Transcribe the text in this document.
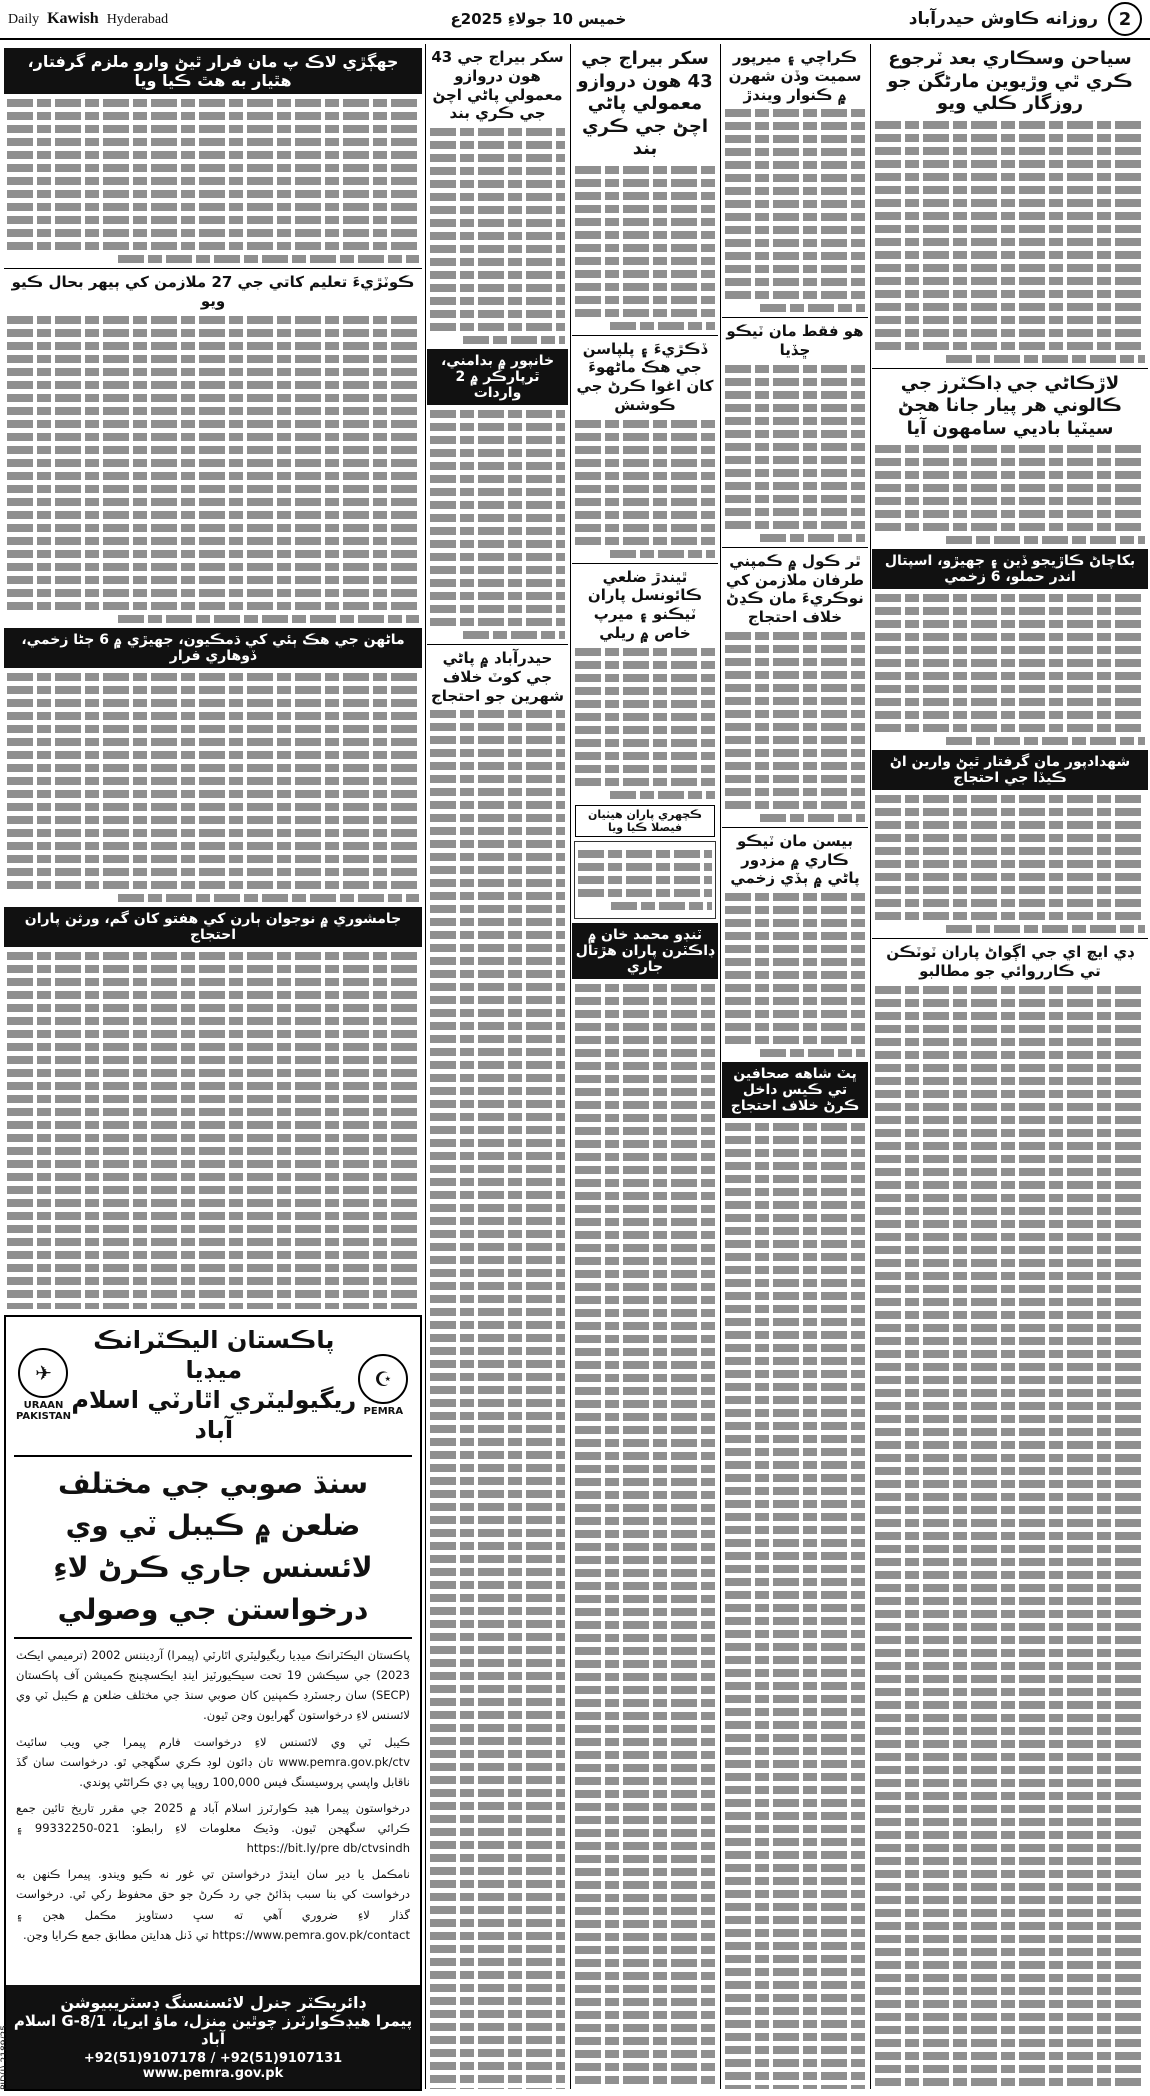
Daily Kawish Hyderabad	خميس 10 جولاءِ 2025ع	2
روزانه ڪاوش حيدرآباد
سياحن وسڪاري بعد ٽرجوع ڪري ٿي وڙيوين مارڻگن جو روزگار ڪلي ويو
لاڙڪاڻي جي ڊاڪٽرز جي ڪالوني هر پيار جانا هجڻ سيٽيا باديي سامهون آيا
بکاچاڻ ڪاڙيجو ڏين ۽ جهيڙو، اسپتال اندر حملو، 6 زخمي
شهدادپور مان گرفتار ٿيڻ وارين اڻ ڪيڏا جي احتجاج
ڊي ايچ اي جي اڳواڻ پاران ٽوٽڪن تي ڪارروائي جو مطالبو
ڪراچي ۽ ميرپور سميت وڏن شهرن ۾ ڪنوار ويندڙ
هو فقط مان ٽيڪو ڇڏيا
ٿر ڪول ۾ ڪمپني طرفان ملازمن کي نوڪريءَ مان ڪڍڻ خلاف احتجاج
بيسن مان ٽيڪو ڪاري ۾ مزدور پاڻي ۾ ٻڏي زخمي
ڀٽ شاهه صحافين تي ڪيس داخل ڪرڻ خلاف احتجاج
سکر بیراج جي 43 هون دروازو معمولي پاڻي اچڻ جي ڪري بند
ڏڪڙيءَ ۽ پلپاسن جي هڪ ماڻهوءَ کان اغوا ڪرڻ جي ڪوشش
ٿيندڙ ضلعي ڪائونسل پاران ٽيڪنو ۽ ميرپ خاص ۾ ريلي
ڪچهري پاران هيٺيان فيصلا ڪيا ويا
ٽنڊو محمد خان ۾ ڊاڪٽرن پاران هڙتال جاري
سکر بیراج جي 43 هون دروازو معمولي پاڻي اچڻ جي ڪري بند
خانپور ۾ بدامني، ٿرپارڪر ۾ 2 واردات
حيدرآباد ۾ پاڻي جي کوٽ خلاف شهرين جو احتجاج
جهڳڙي لاڪ پ مان فرار ٿيڻ وارو ملزم گرفتار، هٿيار به هٿ ڪيا ويا
ڪوٽڙيءَ تعليم کاتي جي 27 ملازمن کي ٻيهر بحال ڪيو ويو
ماڻهن جي هڪ ٻئي کي ڌمڪيون، جهيڙي ۾ 6 ڄڻا زخمي، ڏوهاري فرار
جامشوري ۾ نوجوان ٻارن کي هفتو کان گم، ورثن پاران احتجاج
✈
URAAN PAKISTAN
پاڪستان اليڪٽرانڪ ميڊيا
ريگيوليٽري اٿارٽي اسلام آباد
☪
PEMRA
سنڌ صوبي جي مختلف ضلعن ۾ ڪيبل ٽي وي لائسنس جاري ڪرڻ لاءِ درخواستن جي وصولي
پاڪستان اليڪٽرانڪ ميڊيا ريگيوليٽري اٿارٽي (پيمرا) آرڊيننس 2002 (ترميمي ايڪٽ 2023) جي سيڪشن 19 تحت سيڪيورٽيز اينڊ ايڪسچينج ڪميشن آف پاڪستان (SECP) سان رجسٽرڊ ڪمپنين کان صوبي سنڌ جي مختلف ضلعن ۾ ڪيبل ٽي وي لائسنس لاءِ درخواستون گهرايون وڃن ٿيون.
ڪيبل ٽي وي لائسنس لاءِ درخواست فارم پيمرا جي ويب سائيٽ www.pemra.gov.pk/ctv تان ڊائون لوڊ ڪري سگهجي ٿو. درخواست سان گڏ ناقابل واپسي پروسيسنگ فيس 100,000 روپيا پي ڊي ڪرائڻي پوندي.
درخواستون پيمرا هيڊ ڪوارٽرز اسلام آباد ۾ 2025 جي مقرر تاريخ تائين جمع ڪرائي سگهجن ٿيون. وڌيڪ معلومات لاءِ رابطو: 021-99332250 ۽ https://bit.ly/pre db/ctvsindh
نامڪمل يا دير سان ايندڙ درخواستن تي غور نه ڪيو ويندو. پيمرا ڪنهن به درخواست کي بنا سبب ٻڌائڻ جي رد ڪرڻ جو حق محفوظ رکي ٿي. درخواست گذار لاءِ ضروري آهي ته سڀ دستاويز مڪمل هجن ۽ https://www.pemra.gov.pk/contact تي ڏنل هدايتن مطابق جمع ڪرايا وڃن.
ڊائريڪٽر جنرل لائسنسنگ ڊسٽريبيوشن
پيمرا هيڊڪوارٽرز چوٿين منزل، ماؤ ايريا، G-8/1 اسلام آباد
+92(51)9107178 / +92(51)9107131
www.pemra.gov.pk
PID(I) 2189/25
